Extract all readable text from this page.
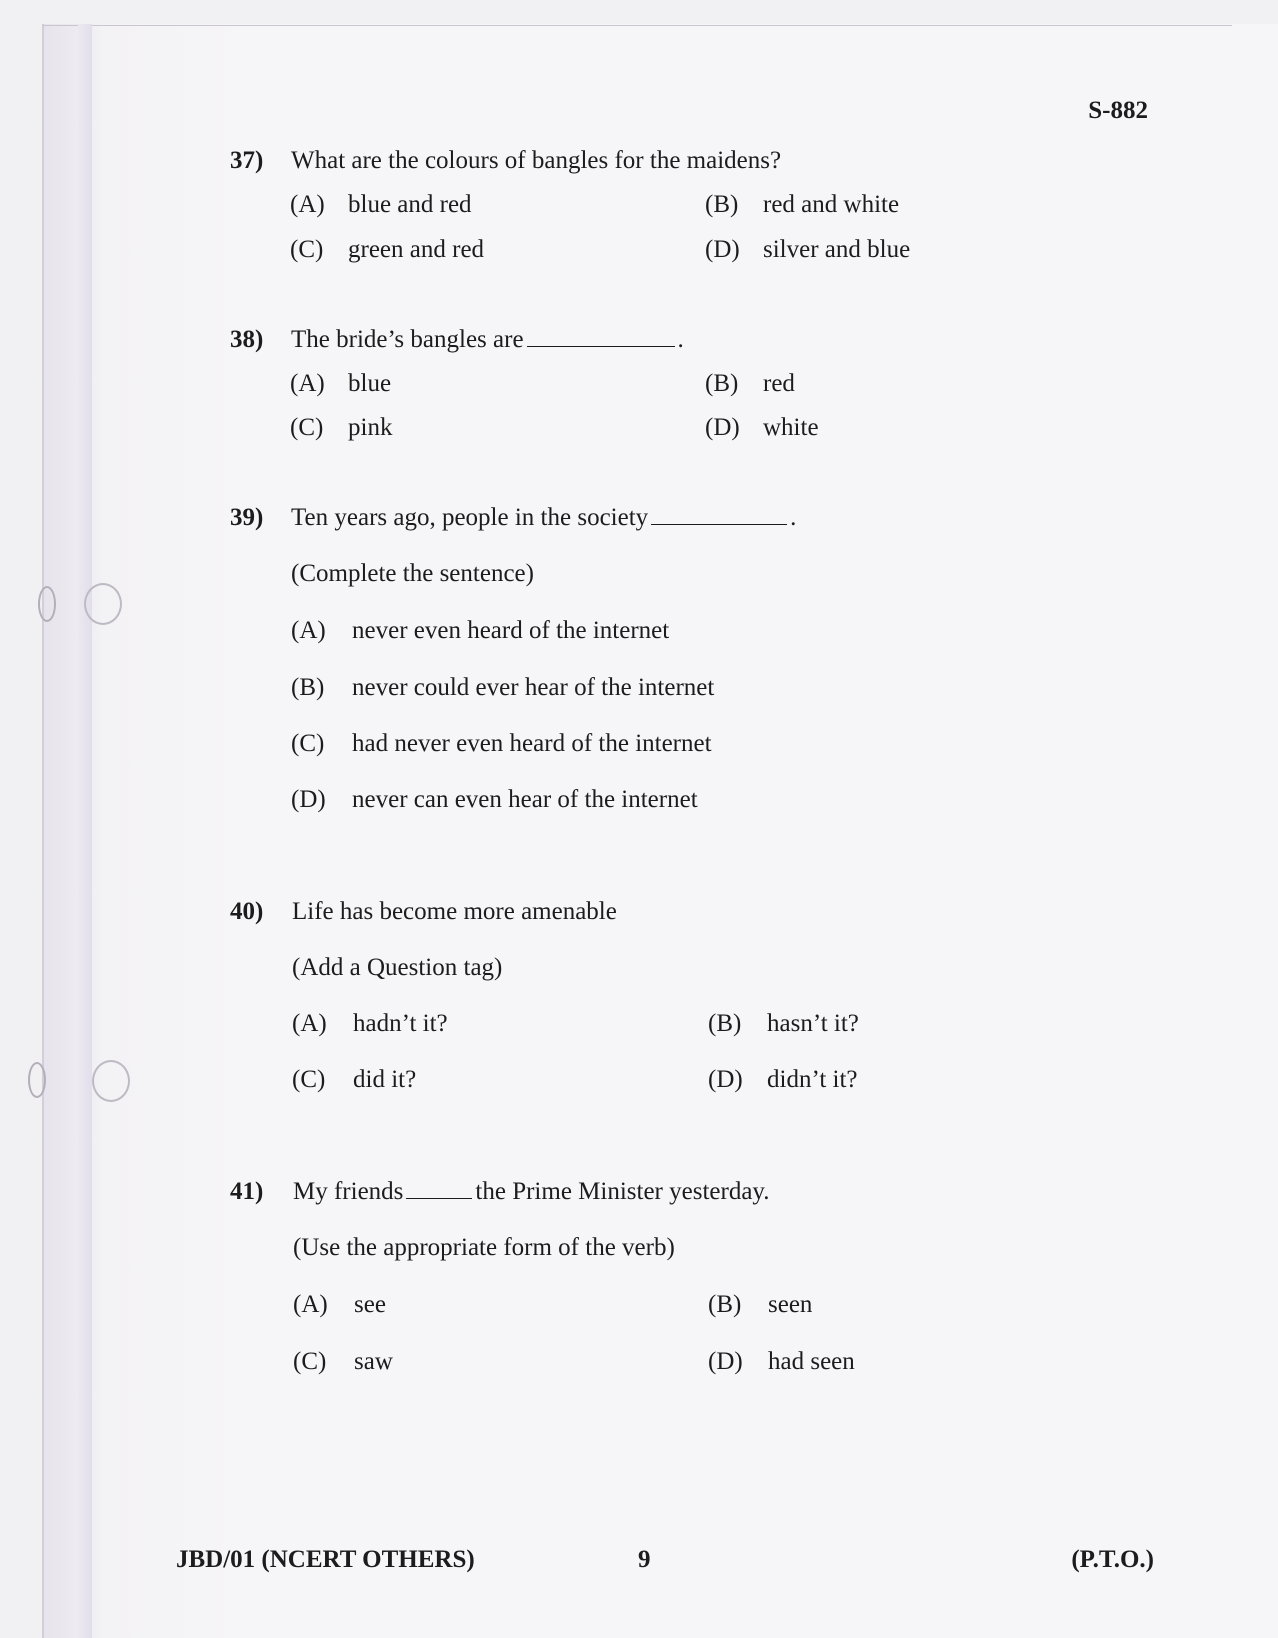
S-882
37) What are the colours of bangles for the maidens?
(A) blue and red	(B) red and white
(C) green and red	(D) silver and blue
38) The bride’s bangles are	.
(A) blue	(B) red
(C) pink	(D) white
39) Ten years ago, people in the society	.
(Complete the sentence)
(A) never even heard of the internet
(B) never could ever hear of the internet
(C) had never even heard of the internet
(D) never can even hear of the internet
40) Life has become more amenable
(Add a Question tag)
(A) hadn’t it?	(B) hasn’t it?
(C) did it?	(D) didn’t it?
41) My friends	the Prime Minister yesterday.
(Use the appropriate form of the verb)
(A) see	(B) seen
(C) saw	(D) had seen
JBD/01 (NCERT OTHERS)	9	(P.T.O.)
